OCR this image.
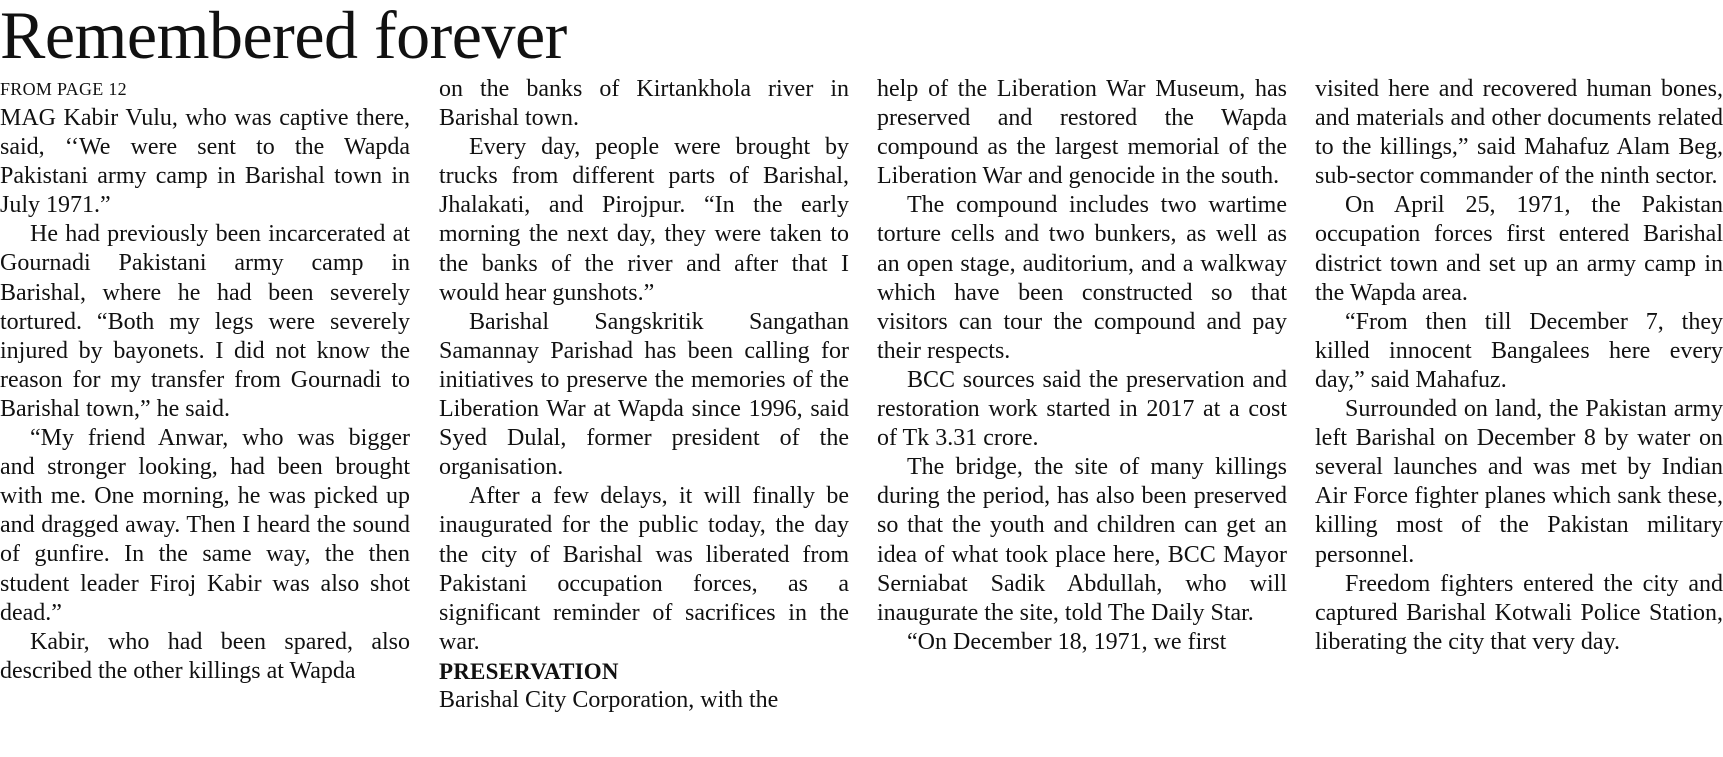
Remembered forever
FROM PAGE 12

MAG Kabir Vulu, who was captive there, said, ‘‘We were sent to the Wapda Pakistani army camp in Barishal town in July 1971.”

He had previously been incarcerated at Gournadi Pakistani army camp in Barishal, where he had been severely tortured. “Both my legs were severely injured by bayonets. I did not know the reason for my transfer from Gournadi to Barishal town,” he said.

“My friend Anwar, who was bigger and stronger looking, had been brought with me. One morning, he was picked up and dragged away. Then I heard the sound of gunfire. In the same way, the then student leader Firoj Kabir was also shot dead.”

Kabir, who had been spared, also described the other killings at Wapda

on the banks of Kirtankhola river in Barishal town.

Every day, people were brought by trucks from different parts of Barishal, Jhalakati, and Pirojpur. “In the early morning the next day, they were taken to the banks of the river and after that I would hear gunshots.”

Barishal Sangskritik Sangathan Samannay Parishad has been calling for initiatives to preserve the memories of the Liberation War at Wapda since 1996, said Syed Dulal, former president of the organisation.

After a few delays, it will finally be inaugurated for the public today, the day the city of Barishal was liberated from Pakistani occupation forces, as a significant reminder of sacrifices in the war.

PRESERVATION

Barishal City Corporation, with the

help of the Liberation War Museum, has preserved and restored the Wapda compound as the largest memorial of the Liberation War and genocide in the south.

The compound includes two wartime torture cells and two bunkers, as well as an open stage, auditorium, and a walkway which have been constructed so that visitors can tour the compound and pay their respects.

BCC sources said the preservation and restoration work started in 2017 at a cost of Tk 3.31 crore.

The bridge, the site of many killings during the period, has also been preserved so that the youth and children can get an idea of what took place here, BCC Mayor Serniabat Sadik Abdullah, who will inaugurate the site, told The Daily Star.

“On December 18, 1971, we first

visited here and recovered human bones, and materials and other documents related to the killings,” said Mahafuz Alam Beg, sub-sector commander of the ninth sector.

On April 25, 1971, the Pakistan occupation forces first entered Barishal district town and set up an army camp in the Wapda area.

“From then till December 7, they killed innocent Bangalees here every day,” said Mahafuz.

Surrounded on land, the Pakistan army left Barishal on December 8 by water on several launches and was met by Indian Air Force fighter planes which sank these, killing most of the Pakistan military personnel.

Freedom fighters entered the city and captured Barishal Kotwali Police Station, liberating the city that very day.
